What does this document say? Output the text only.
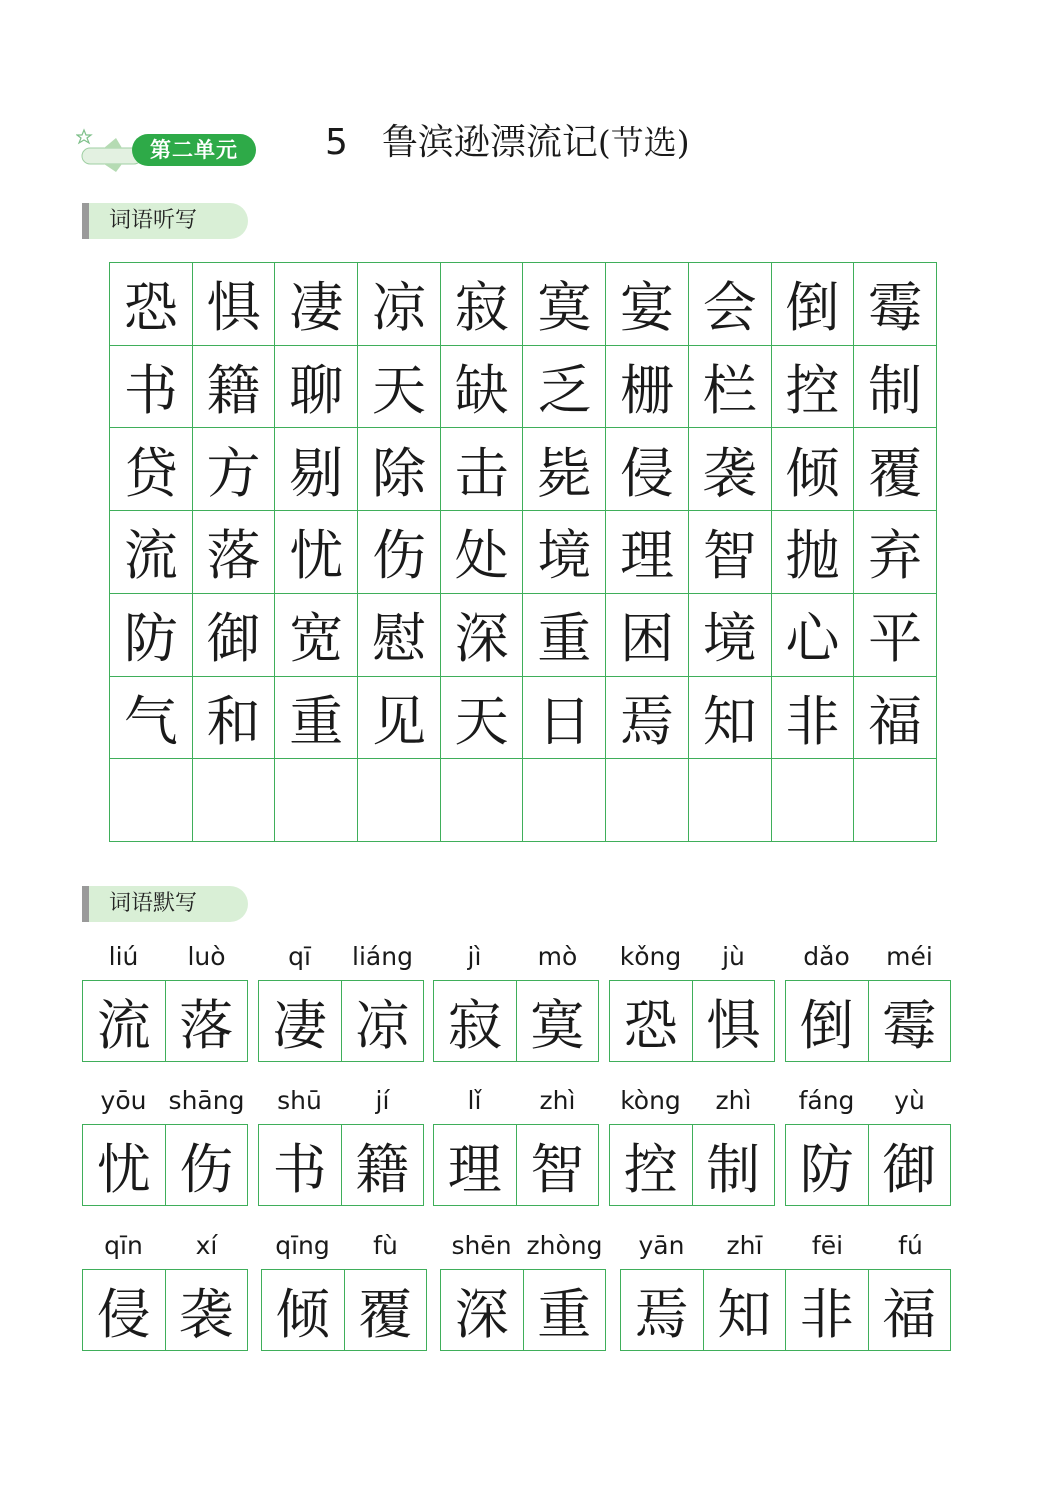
第二单元	5 鲁滨逊漂流记(节选)
词语听写
恐 惧 凄 凉 寂 寞 宴 会 倒 霉
书 籍 聊 天 缺 乏 栅 栏 控 制
贷 方 剔 除 击 毙 侵 袭 倾 覆
流 落 忧 伤 处 境 理 智 抛 弃
防 御 宽 慰 深 重 困 境 心 平
气 和 重 见 天 日 焉 知 非 福
词语默写
liú	luò
流 落
qī	liáng
凄 凉
jì	mò
寂 寞
kǒng	jù
恐 惧
dǎo	méi
倒 霉
yōu shāng
忧 伤
shū	jí
书 籍
lǐ	zhì
理 智
kòng	zhì
控 制
fáng	yù
防 御
qīn	xí
侵 袭
qīng	fù
倾 覆
shēn zhòng
深 重
yān	zhī	fēi	fú
焉 知 非 福
